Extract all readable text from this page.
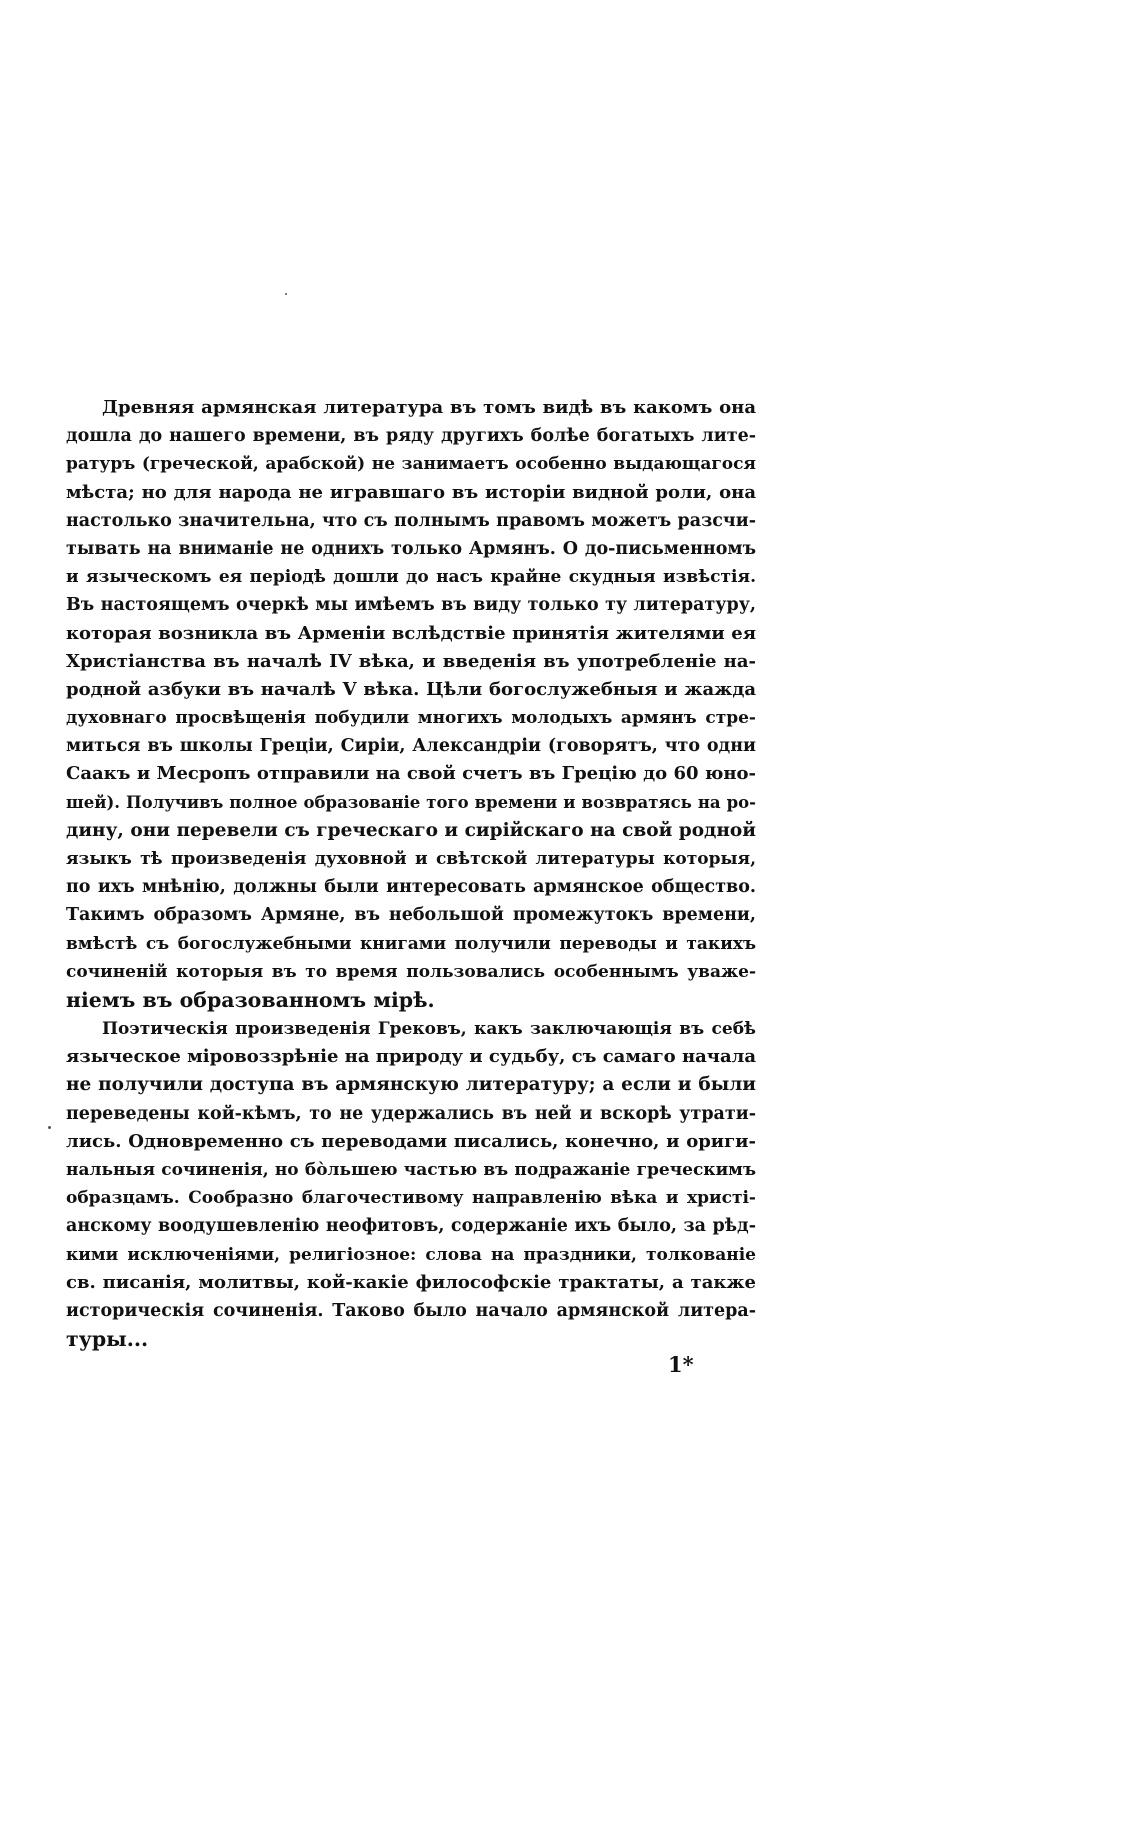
Древняя армянская литература въ томъ видѣ въ какомъ она
дошла до нашего времени, въ ряду другихъ болѣе богатыхъ лите-
ратуръ (греческой, арабской) не занимаетъ особенно выдающагося
мѣста; но для народа не игравшаго въ исторіи видной роли, она
настолько значительна, что съ полнымъ правомъ можетъ разсчи-
тывать на вниманіе не однихъ только Армянъ. О до-письменномъ
и языческомъ ея періодѣ дошли до насъ крайне скудныя извѣстія.
Въ настоящемъ очеркѣ мы имѣемъ въ виду только ту литературу,
которая возникла въ Арменіи вслѣдствіе принятія жителями ея
Христіанства въ началѣ IV вѣка, и введенія въ употребленіе на-
родной азбуки въ началѣ V вѣка. Цѣли богослужебныя и жажда
духовнаго просвѣщенія побудили многихъ молодыхъ армянъ стре-
миться въ школы Греціи, Сиріи, Александріи (говорятъ, что одни
Саакъ и Месропъ отправили на свой счетъ въ Грецію до 60 юно-
шей). Получивъ полное образованіе того времени и возвратясь на ро-
дину, они перевели съ греческаго и сирійскаго на свой родной
языкъ тѣ произведенія духовной и свѣтской литературы которыя,
по ихъ мнѣнію, должны были интересовать армянское общество.
Такимъ образомъ Армяне, въ небольшой промежутокъ времени,
вмѣстѣ съ богослужебными книгами получили переводы и такихъ
сочиненій которыя въ то время пользовались особеннымъ уваже-
ніемъ въ образованномъ мірѣ.
Поэтическія произведенія Грековъ, какъ заключающія въ себѣ
языческое міровоззрѣніе на природу и судьбу, съ самаго начала
не получили доступа въ армянскую литературу; а если и были
переведены кой-кѣмъ, то не удержались въ ней и вскорѣ утрати-
лись. Одновременно съ переводами писались, конечно, и ориги-
нальныя сочиненія, но бо̀льшею частью въ подражаніе греческимъ
образцамъ. Сообразно благочестивому направленію вѣка и христі-
анскому воодушевленію неофитовъ, содержаніе ихъ было, за рѣд-
кими исключеніями, религіозное: слова на праздники, толкованіе
св. писанія, молитвы, кой-какіе философскіе трактаты, а также
историческія сочиненія. Таково было начало армянской литера-
туры...
1*
